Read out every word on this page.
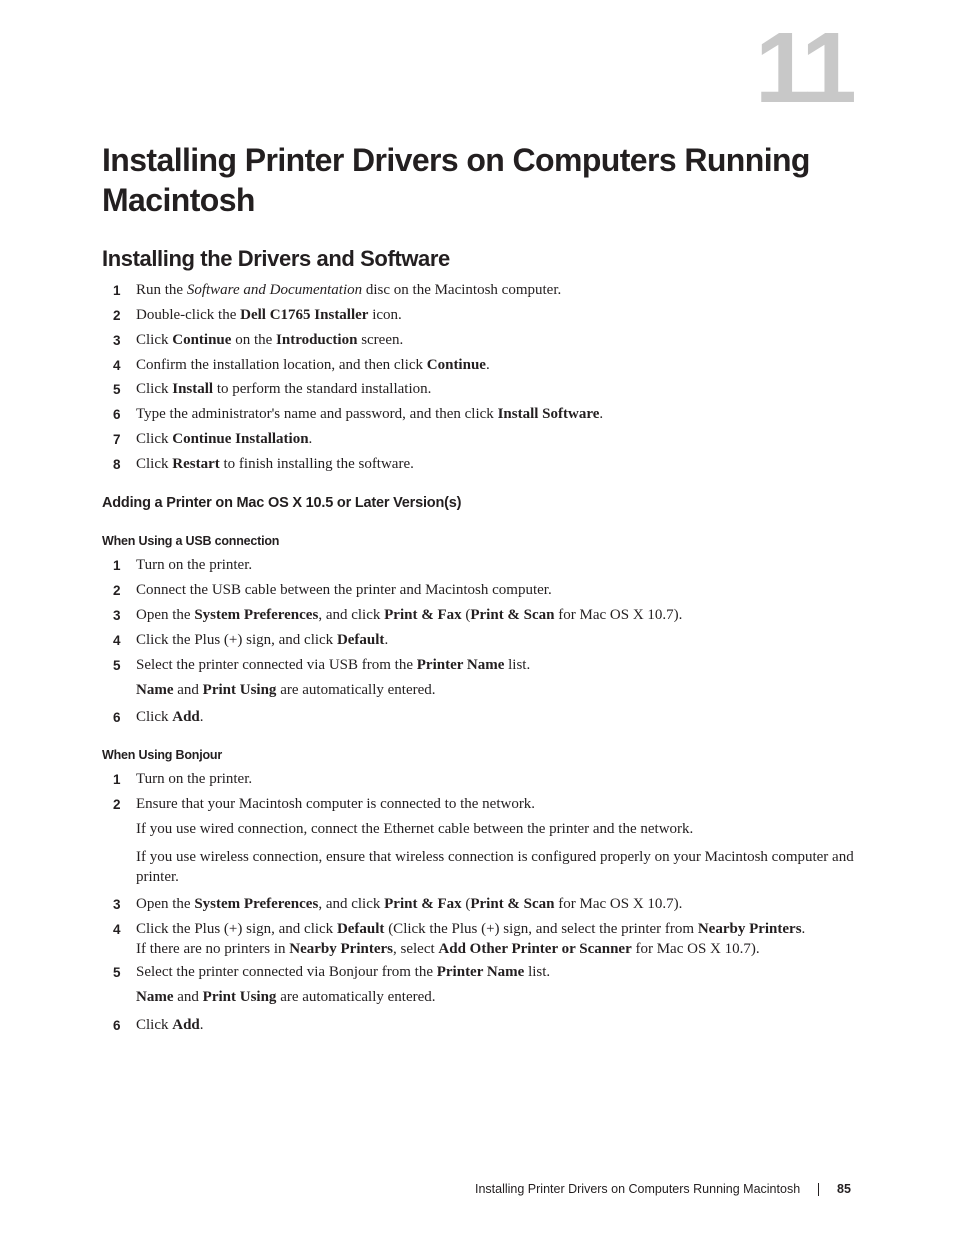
11
Installing Printer Drivers on Computers Running Macintosh
Installing the Drivers and Software
1 Run the Software and Documentation disc on the Macintosh computer.
2 Double-click the Dell C1765 Installer icon.
3 Click Continue on the Introduction screen.
4 Confirm the installation location, and then click Continue.
5 Click Install to perform the standard installation.
6 Type the administrator's name and password, and then click Install Software.
7 Click Continue Installation.
8 Click Restart to finish installing the software.
Adding a Printer on Mac OS X 10.5 or Later Version(s)
When Using a USB connection
1 Turn on the printer.
2 Connect the USB cable between the printer and Macintosh computer.
3 Open the System Preferences, and click Print & Fax (Print & Scan for Mac OS X 10.7).
4 Click the Plus (+) sign, and click Default.
5 Select the printer connected via USB from the Printer Name list.
Name and Print Using are automatically entered.
6 Click Add.
When Using Bonjour
1 Turn on the printer.
2 Ensure that your Macintosh computer is connected to the network.
If you use wired connection, connect the Ethernet cable between the printer and the network.
If you use wireless connection, ensure that wireless connection is configured properly on your Macintosh computer and printer.
3 Open the System Preferences, and click Print & Fax (Print & Scan for Mac OS X 10.7).
4 Click the Plus (+) sign, and click Default (Click the Plus (+) sign, and select the printer from Nearby Printers.
If there are no printers in Nearby Printers, select Add Other Printer or Scanner for Mac OS X 10.7).
5 Select the printer connected via Bonjour from the Printer Name list.
Name and Print Using are automatically entered.
6 Click Add.
Installing Printer Drivers on Computers Running Macintosh	85
